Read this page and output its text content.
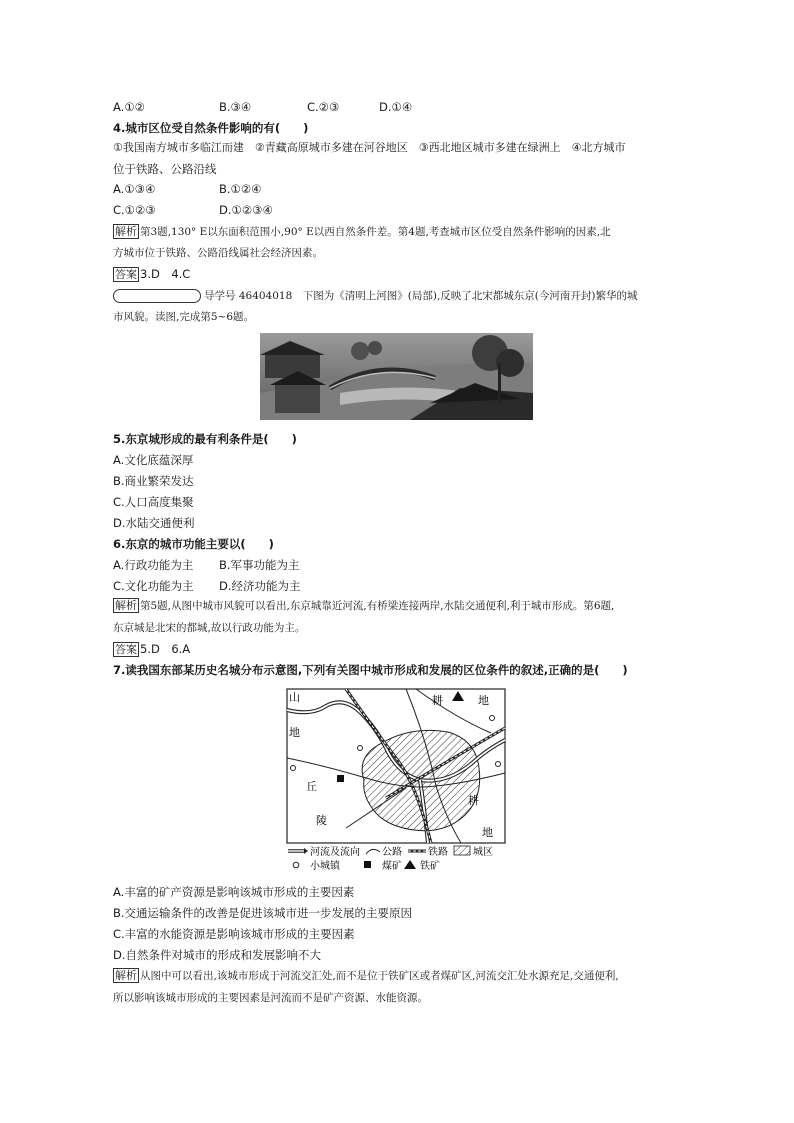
A.①②	B.③④	C.②③	D.①④
4.城市区位受自然条件影响的有(　　)
①我国南方城市多临江而建　②青藏高原城市多建在河谷地区　③西北地区城市多建在绿洲上　④北方城市
位于铁路、公路沿线
A.①③④	B.①②④
C.①②③	D.①②③④
解析 第3题,130° E以东面积范围小,90° E以西自然条件差。第4题,考查城市区位受自然条件影响的因素,北
方城市位于铁路、公路沿线属社会经济因素。
答案 3.D　4.C
导学号 46404018　下图为《清明上河图》(局部),反映了北宋都城东京(今河南开封)繁华的城
市风貌。读图,完成第5~6题。
5.东京城形成的最有利条件是(　　)
A.文化底蕴深厚
B.商业繁荣发达
C.人口高度集聚
D.水陆交通便利
6.东京的城市功能主要以(　　)
A.行政功能为主 B.军事功能为主
C.文化功能为主 D.经济功能为主
解析 第5题,从图中城市风貌可以看出,东京城靠近河流,有桥梁连接两岸,水陆交通便利,利于城市形成。第6题,
东京城是北宋的都城,故以行政功能为主。
答案 5.D　6.A
7.读我国东部某历史名城分布示意图,下列有关图中城市形成和发展的区位条件的叙述,正确的是(　　)
山
地
丘
陵
耕	地
耕
地
河流及流向 公路	铁路	城区
小城镇	煤矿 铁矿
A.丰富的矿产资源是影响该城市形成的主要因素
B.交通运输条件的改善是促进该城市进一步发展的主要原因
C.丰富的水能资源是影响该城市形成的主要因素
D.自然条件对城市的形成和发展影响不大
解析 从图中可以看出,该城市形成于河流交汇处,而不是位于铁矿区或者煤矿区,河流交汇处水源充足,交通便利,
所以影响该城市形成的主要因素是河流而不是矿产资源、水能资源。
